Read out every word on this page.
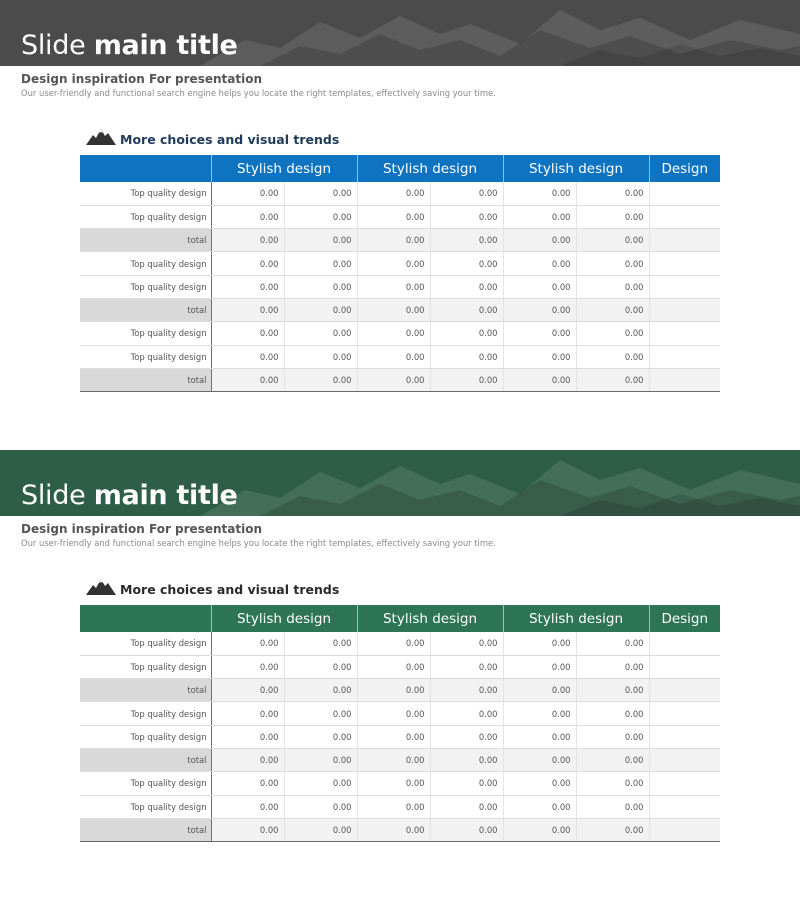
Slide main title
Design inspiration For presentation
Our user-friendly and functional search engine helps you locate the right templates, effectively saving your time.
More choices and visual trends
	Stylish design		Stylish design		Stylish design		Design
Top quality design	0.00	0.00	0.00	0.00	0.00	0.00	
Top quality design	0.00	0.00	0.00	0.00	0.00	0.00	
total	0.00	0.00	0.00	0.00	0.00	0.00	
Top quality design	0.00	0.00	0.00	0.00	0.00	0.00	
Top quality design	0.00	0.00	0.00	0.00	0.00	0.00	
total	0.00	0.00	0.00	0.00	0.00	0.00	
Top quality design	0.00	0.00	0.00	0.00	0.00	0.00	
Top quality design	0.00	0.00	0.00	0.00	0.00	0.00	
total	0.00	0.00	0.00	0.00	0.00	0.00	
Slide main title
Design inspiration For presentation
Our user-friendly and functional search engine helps you locate the right templates, effectively saving your time.
More choices and visual trends
	Stylish design		Stylish design		Stylish design		Design
Top quality design	0.00	0.00	0.00	0.00	0.00	0.00	
Top quality design	0.00	0.00	0.00	0.00	0.00	0.00	
total	0.00	0.00	0.00	0.00	0.00	0.00	
Top quality design	0.00	0.00	0.00	0.00	0.00	0.00	
Top quality design	0.00	0.00	0.00	0.00	0.00	0.00	
total	0.00	0.00	0.00	0.00	0.00	0.00	
Top quality design	0.00	0.00	0.00	0.00	0.00	0.00	
Top quality design	0.00	0.00	0.00	0.00	0.00	0.00	
total	0.00	0.00	0.00	0.00	0.00	0.00	
